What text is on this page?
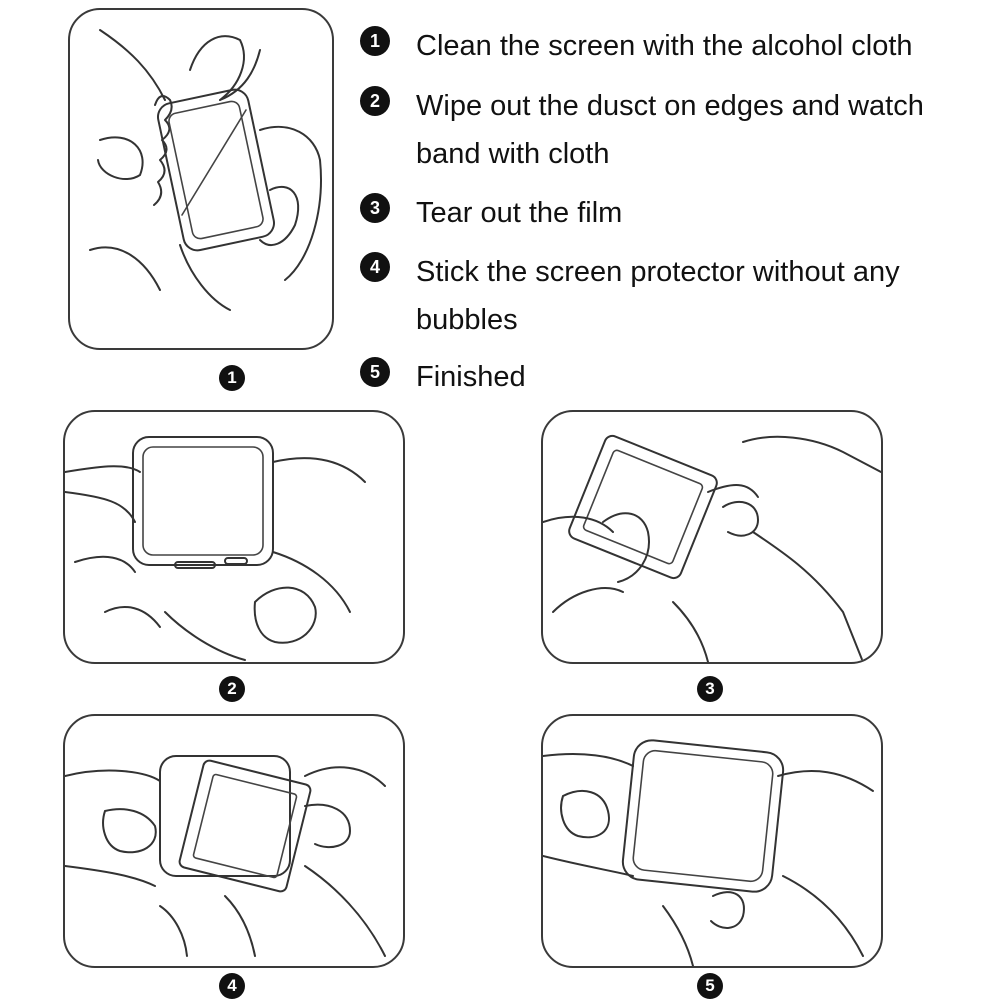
1	Clean the screen with the alcohol cloth
2	Wipe out the dusct on edges and watch band with cloth
3	Tear out the film
4	Stick the screen protector without any bubbles
5	Finished
1
2	3
4	5
